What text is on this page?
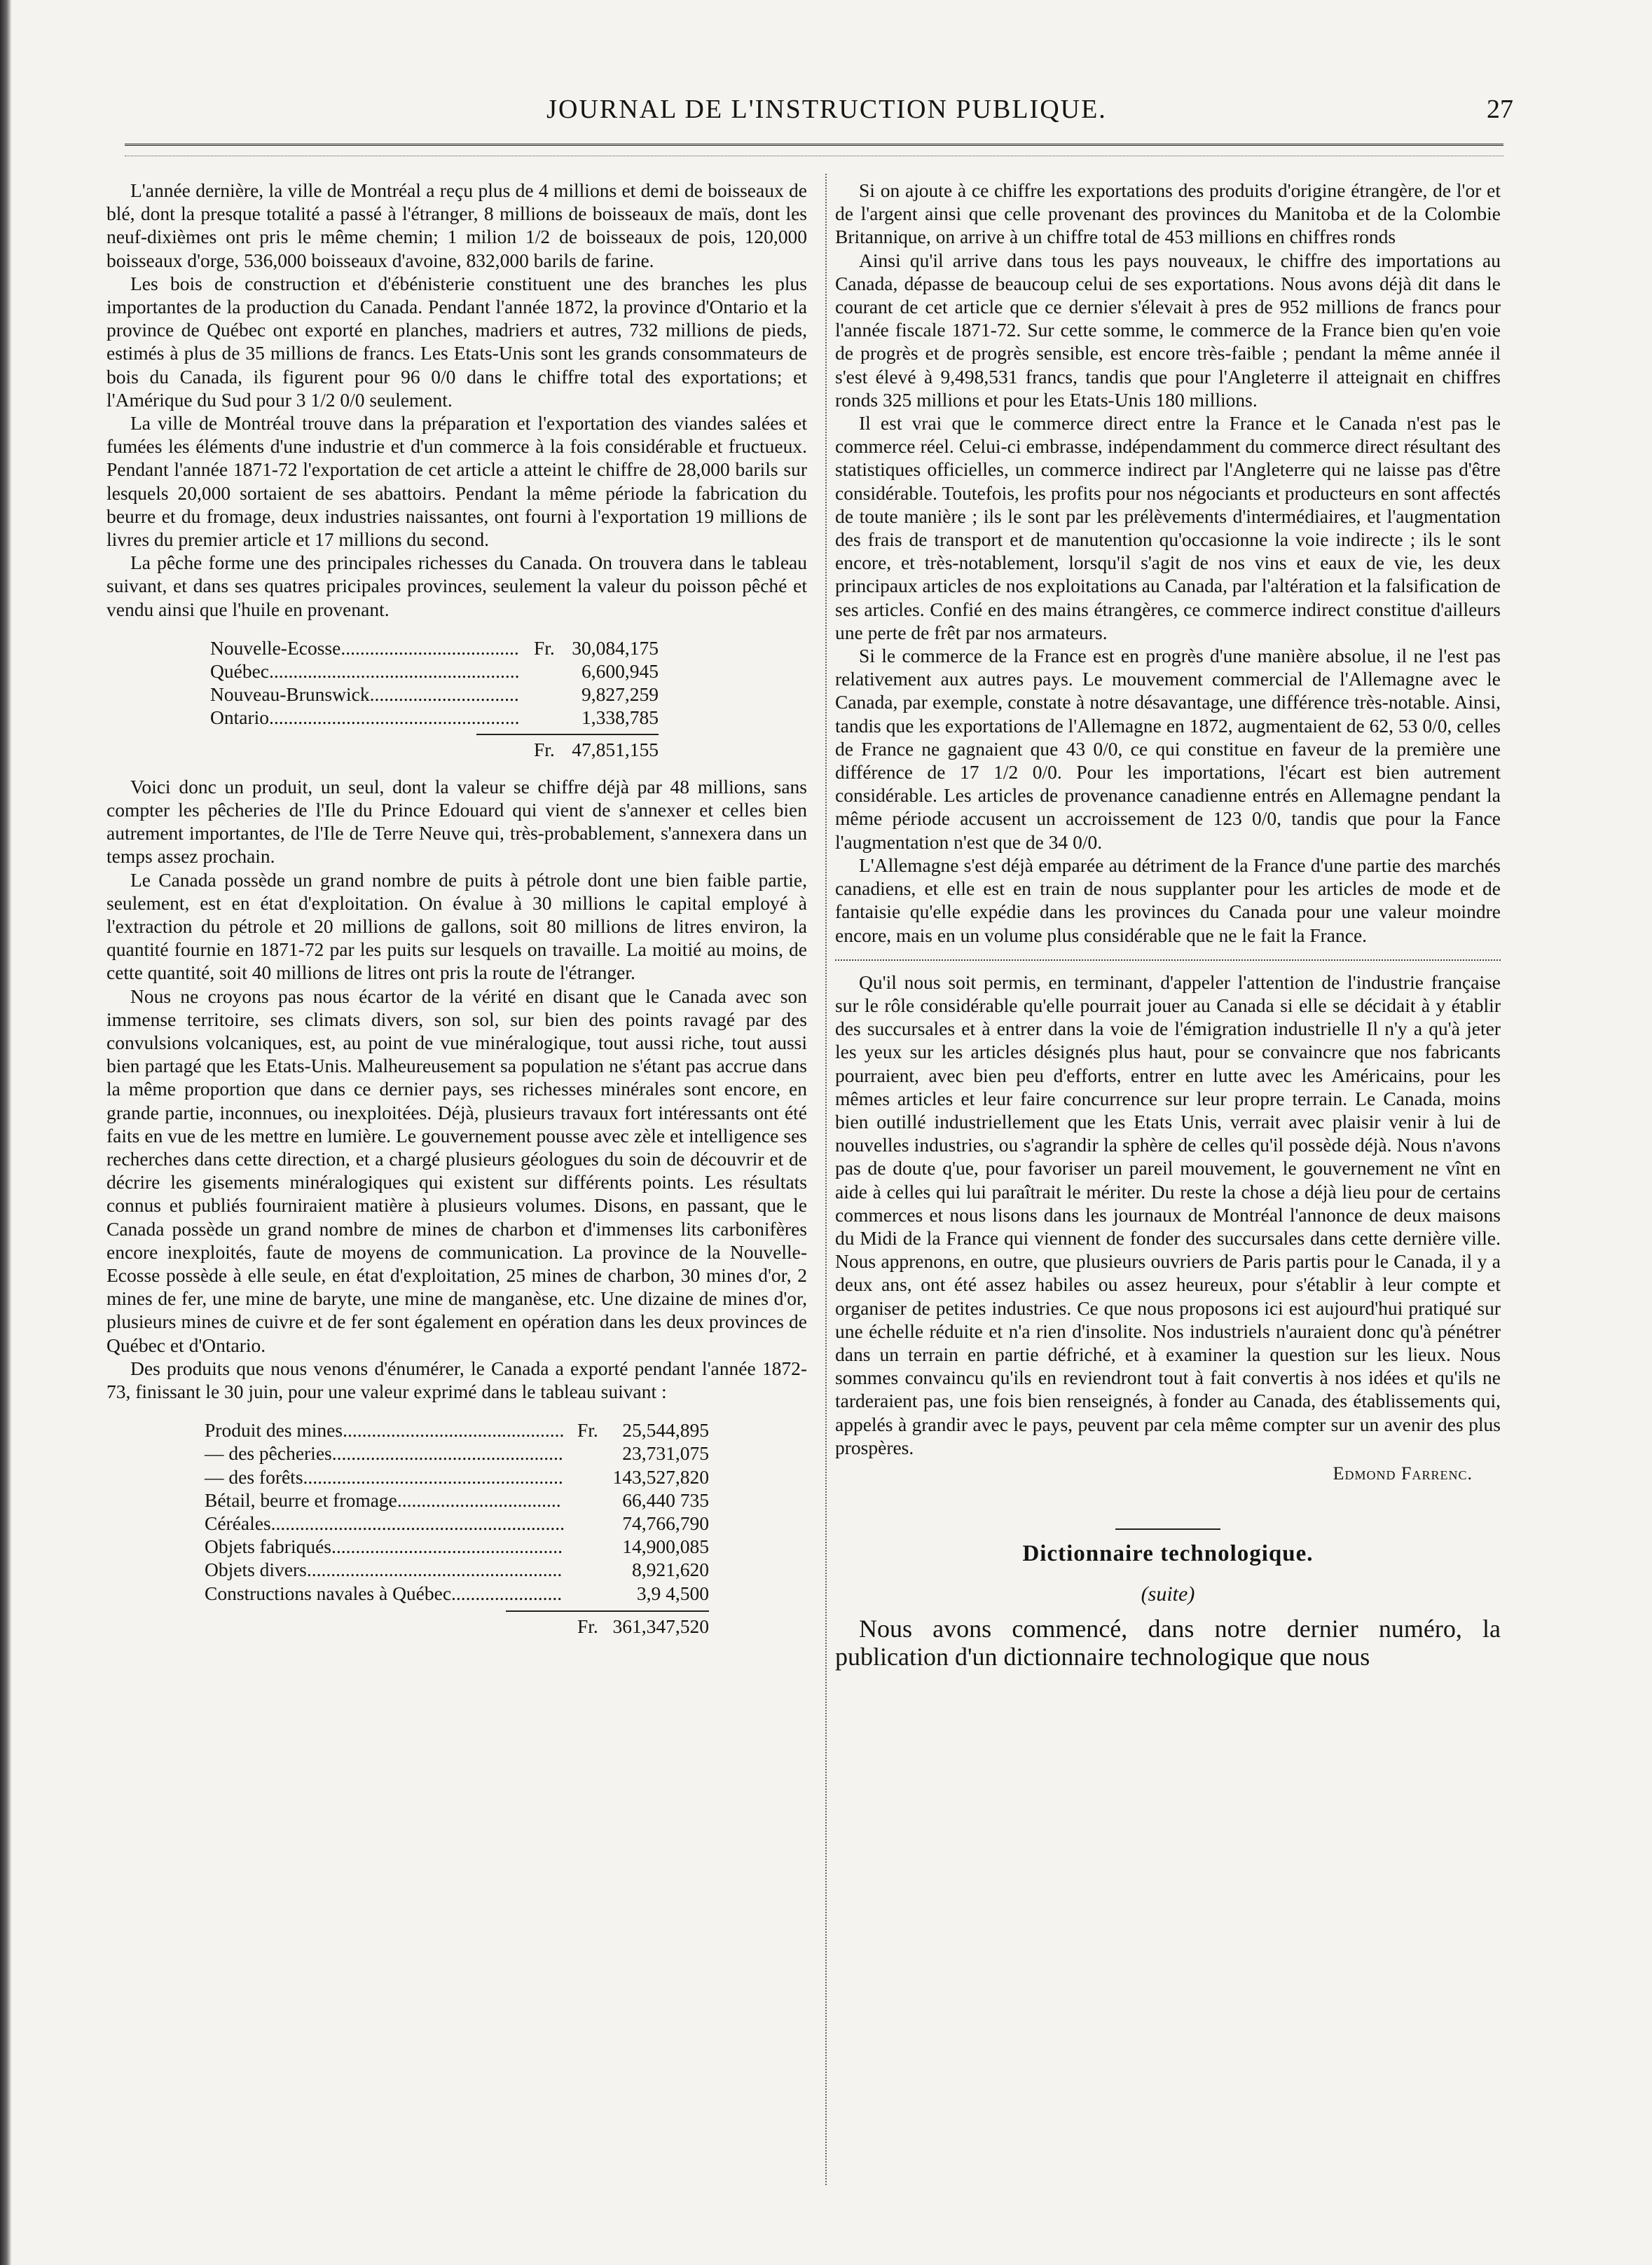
JOURNAL DE L'INSTRUCTION PUBLIQUE.	27

L'année dernière, la ville de Montréal a reçu plus de 4 millions et demi de boisseaux de blé, dont la presque totalité a passé à l'étranger, 8 millions de boisseaux de maïs, dont les neuf-dixièmes ont pris le même chemin; 1 milion 1/2 de boisseaux de pois, 120,000 boisseaux d'orge, 536,000 boisseaux d'avoine, 832,000 barils de farine.

Les bois de construction et d'ébénisterie constituent une des branches les plus importantes de la production du Canada. Pendant l'année 1872, la province d'Ontario et la province de Québec ont exporté en planches, madriers et autres, 732 millions de pieds, estimés à plus de 35 millions de francs. Les Etats-Unis sont les grands consommateurs de bois du Canada, ils figurent pour 96 0/0 dans le chiffre total des exportations; et l'Amérique du Sud pour 3 1/2 0/0 seulement.

La ville de Montréal trouve dans la préparation et l'exportation des viandes salées et fumées les éléments d'une industrie et d'un commerce à la fois considérable et fructueux. Pendant l'année 1871-72 l'exportation de cet article a atteint le chiffre de 28,000 barils sur lesquels 20,000 sortaient de ses abattoirs. Pendant la même période la fabrication du beurre et du fromage, deux industries naissantes, ont fourni à l'exportation 19 millions de livres du premier article et 17 millions du second.

La pêche forme une des principales richesses du Canada. On trouvera dans le tableau suivant, et dans ses quatres pricipales provinces, seulement la valeur du poisson pêché et vendu ainsi que l'huile en provenant.

Nouvelle-Ecosse..................................... Fr. 30,084,175
Québec....................................................	6,600,945
Nouveau-Brunswick...............................	9,827,259
Ontario....................................................	1,338,785
Fr. 47,851,155

Voici donc un produit, un seul, dont la valeur se chiffre déjà par 48 millions, sans compter les pêcheries de l'Ile du Prince Edouard qui vient de s'annexer et celles bien autrement importantes, de l'Ile de Terre Neuve qui, très-probablement, s'annexera dans un temps assez prochain.

Le Canada possède un grand nombre de puits à pétrole dont une bien faible partie, seulement, est en état d'exploitation. On évalue à 30 millions le capital employé à l'extraction du pétrole et 20 millions de gallons, soit 80 millions de litres environ, la quantité fournie en 1871-72 par les puits sur lesquels on travaille. La moitié au moins, de cette quantité, soit 40 millions de litres ont pris la route de l'étranger.

Nous ne croyons pas nous écartor de la vérité en disant que le Canada avec son immense territoire, ses climats divers, son sol, sur bien des points ravagé par des convulsions volcaniques, est, au point de vue minéralogique, tout aussi riche, tout aussi bien partagé que les Etats-Unis. Malheureusement sa population ne s'étant pas accrue dans la même proportion que dans ce dernier pays, ses richesses minérales sont encore, en grande partie, inconnues, ou inexploitées. Déjà, plusieurs travaux fort intéressants ont été faits en vue de les mettre en lumière. Le gouvernement pousse avec zèle et intelligence ses recherches dans cette direction, et a chargé plusieurs géologues du soin de découvrir et de décrire les gisements minéralogiques qui existent sur différents points. Les résultats connus et publiés fourniraient matière à plusieurs volumes. Disons, en passant, que le Canada possède un grand nombre de mines de charbon et d'immenses lits carbonifères encore inexploités, faute de moyens de communication. La province de la Nouvelle-Ecosse possède à elle seule, en état d'exploitation, 25 mines de charbon, 30 mines d'or, 2 mines de fer, une mine de baryte, une mine de manganèse, etc. Une dizaine de mines d'or, plusieurs mines de cuivre et de fer sont également en opération dans les deux provinces de Québec et d'Ontario.

Des produits que nous venons d'énumérer, le Canada a exporté pendant l'année 1872-73, finissant le 30 juin, pour une valeur exprimé dans le tableau suivant :

Produit des mines.............................................. Fr. 25,544,895
— des pêcheries................................................	23,731,075
— des forêts......................................................	143,527,820
Bétail, beurre et fromage..................................	66,440 735
Céréales.............................................................	74,766,790
Objets fabriqués................................................	14,900,085
Objets divers.....................................................	8,921,620
Constructions navales à Québec.......................	3,9 4,500
Fr. 361,347,520

Si on ajoute à ce chiffre les exportations des produits d'origine étrangère, de l'or et de l'argent ainsi que celle provenant des provinces du Manitoba et de la Colombie Britannique, on arrive à un chiffre total de 453 millions en chiffres ronds

Ainsi qu'il arrive dans tous les pays nouveaux, le chiffre des importations au Canada, dépasse de beaucoup celui de ses exportations. Nous avons déjà dit dans le courant de cet article que ce dernier s'élevait à pres de 952 millions de francs pour l'année fiscale 1871-72. Sur cette somme, le commerce de la France bien qu'en voie de progrès et de progrès sensible, est encore très-faible ; pendant la même année il s'est élevé à 9,498,531 francs, tandis que pour l'Angleterre il atteignait en chiffres ronds 325 millions et pour les Etats-Unis 180 millions.

Il est vrai que le commerce direct entre la France et le Canada n'est pas le commerce réel. Celui-ci embrasse, indépendamment du commerce direct résultant des statistiques officielles, un commerce indirect par l'Angleterre qui ne laisse pas d'être considérable. Toutefois, les profits pour nos négociants et producteurs en sont affectés de toute manière ; ils le sont par les prélèvements d'intermédiaires, et l'augmentation des frais de transport et de manutention qu'occasionne la voie indirecte ; ils le sont encore, et très-notablement, lorsqu'il s'agit de nos vins et eaux de vie, les deux principaux articles de nos exploitations au Canada, par l'altération et la falsification de ses articles. Confié en des mains étrangères, ce commerce indirect constitue d'ailleurs une perte de frêt par nos armateurs.

Si le commerce de la France est en progrès d'une manière absolue, il ne l'est pas relativement aux autres pays. Le mouvement commercial de l'Allemagne avec le Canada, par exemple, constate à notre désavantage, une différence très-notable. Ainsi, tandis que les exportations de l'Allemagne en 1872, augmentaient de 62, 53 0/0, celles de France ne gagnaient que 43 0/0, ce qui constitue en faveur de la première une différence de 17 1/2 0/0. Pour les importations, l'écart est bien autrement considérable. Les articles de provenance canadienne entrés en Allemagne pendant la même période accusent un accroissement de 123 0/0, tandis que pour la Fance l'augmentation n'est que de 34 0/0.

L'Allemagne s'est déjà emparée au détriment de la France d'une partie des marchés canadiens, et elle est en train de nous supplanter pour les articles de mode et de fantaisie qu'elle expédie dans les provinces du Canada pour une valeur moindre encore, mais en un volume plus considérable que ne le fait la France.

Qu'il nous soit permis, en terminant, d'appeler l'attention de l'industrie française sur le rôle considérable qu'elle pourrait jouer au Canada si elle se décidait à y établir des succursales et à entrer dans la voie de l'émigration industrielle Il n'y a qu'à jeter les yeux sur les articles désignés plus haut, pour se convaincre que nos fabricants pourraient, avec bien peu d'efforts, entrer en lutte avec les Américains, pour les mêmes articles et leur faire concurrence sur leur propre terrain. Le Canada, moins bien outillé industriellement que les Etats Unis, verrait avec plaisir venir à lui de nouvelles industries, ou s'agrandir la sphère de celles qu'il possède déjà. Nous n'avons pas de doute q'ue, pour favoriser un pareil mouvement, le gouvernement ne vînt en aide à celles qui lui paraîtrait le mériter. Du reste la chose a déjà lieu pour de certains commerces et nous lisons dans les journaux de Montréal l'annonce de deux maisons du Midi de la France qui viennent de fonder des succursales dans cette dernière ville. Nous apprenons, en outre, que plusieurs ouvriers de Paris partis pour le Canada, il y a deux ans, ont été assez habiles ou assez heureux, pour s'établir à leur compte et organiser de petites industries. Ce que nous proposons ici est aujourd'hui pratiqué sur une échelle réduite et n'a rien d'insolite. Nos industriels n'auraient donc qu'à pénétrer dans un terrain en partie défriché, et à examiner la question sur les lieux. Nous sommes convaincu qu'ils en reviendront tout à fait convertis à nos idées et qu'ils ne tarderaient pas, une fois bien renseignés, à fonder au Canada, des établissements qui, appelés à grandir avec le pays, peuvent par cela même compter sur un avenir des plus prospères.

Edmond Farrenc.
Dictionnaire technologique.
(suite)

Nous avons commencé, dans notre dernier numéro, la publication d'un dictionnaire technologique que nous
